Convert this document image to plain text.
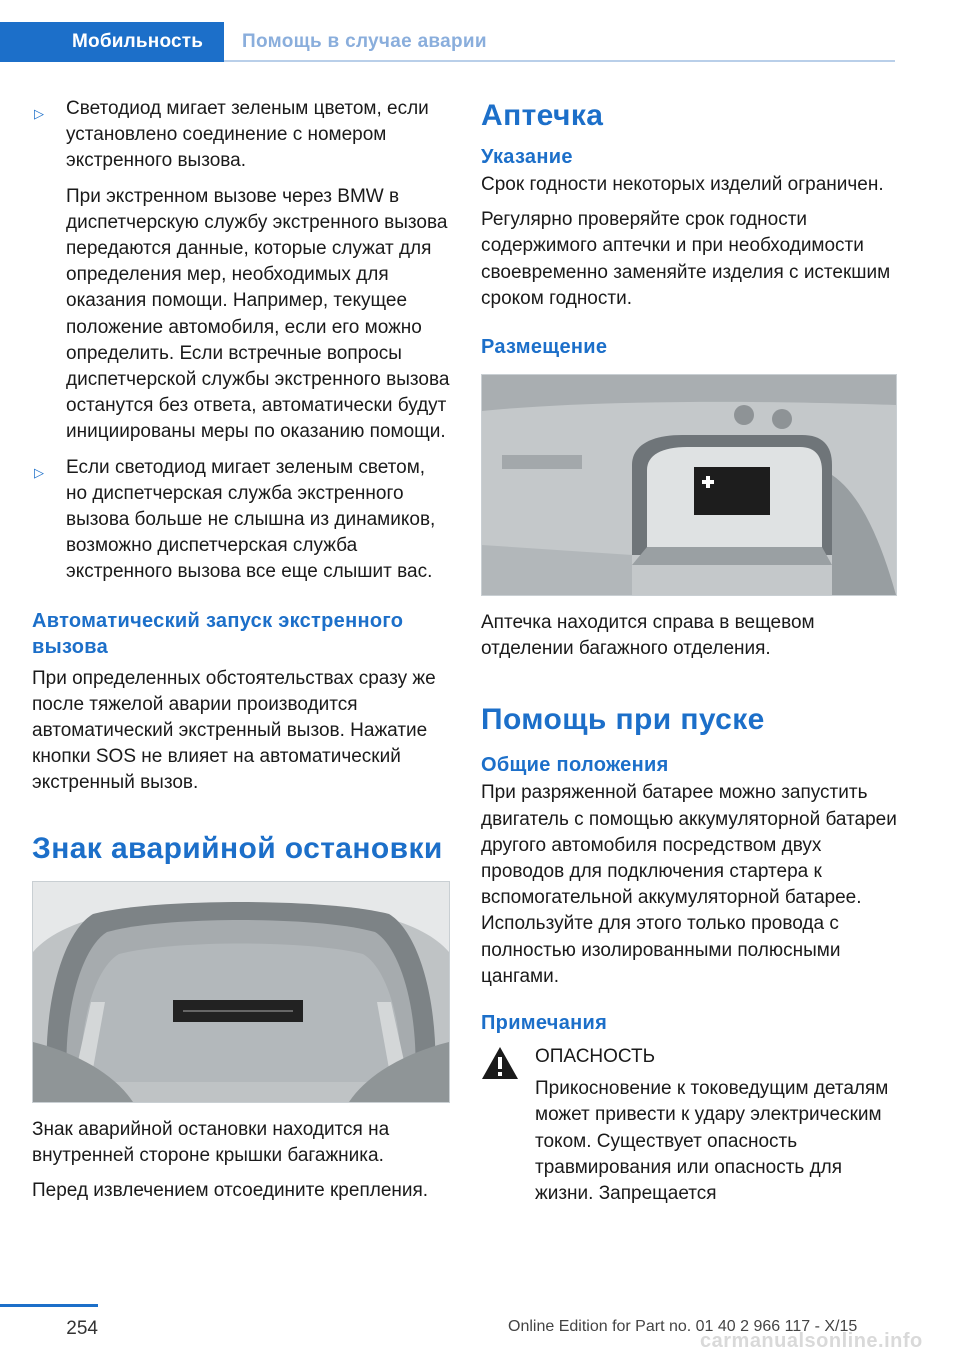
Мобильность	Помощь в случае аварии
▷ Светодиод мигает зеленым цветом, если установлено соединение с номером экстренного вызова.

При экстренном вызове через BMW в диспетчерскую службу экстренного вызова передаются данные, которые служат для определения мер, необходимых для оказания помощи. Например, текущее положение автомобиля, если его можно определить. Если встречные вопросы диспетчерской службы экстренного вызова останутся без ответа, автоматически будут инициированы меры по оказанию помощи.

▷ Если светодиод мигает зеленым светом, но диспетчерская служба экстренного вызова больше не слышна из динамиков, возможно диспетчерская служба экстренного вызова все еще слышит вас.
Автоматический запуск экстренного вызова

При определенных обстоятельствах сразу же после тяжелой аварии производится автоматический экстренный вызов. Нажатие кнопки SOS не влияет на автоматический экстренный вызов.

Знак аварийной остановки

Знак аварийной остановки находится на внутренней стороне крышки багажника.

Перед извлечением отсоедините крепления.

Аптечка
Указание

Срок годности некоторых изделий ограничен.

Регулярно проверяйте срок годности содержимого аптечки и при необходимости своевременно заменяйте изделия с истекшим сроком годности.

Размещение

Аптечка находится справа в вещевом отделении багажного отделения.

Помощь при пуске
Общие положения

При разряженной батарее можно запустить двигатель с помощью аккумуляторной батареи другого автомобиля посредством двух проводов для подключения стартера к вспомогательной аккумуляторной батарее. Используйте для этого только провода с полностью изолированными полюсными цангами.

Примечания

ОПАСНОСТЬ

Прикосновение к токоведущим деталям может привести к удару электрическим током. Существует опасность травмирования или опасность для жизни. Запрещается

254	Online Edition for Part no. 01 40 2 966 117 - X/15
carmanualsonline.info
